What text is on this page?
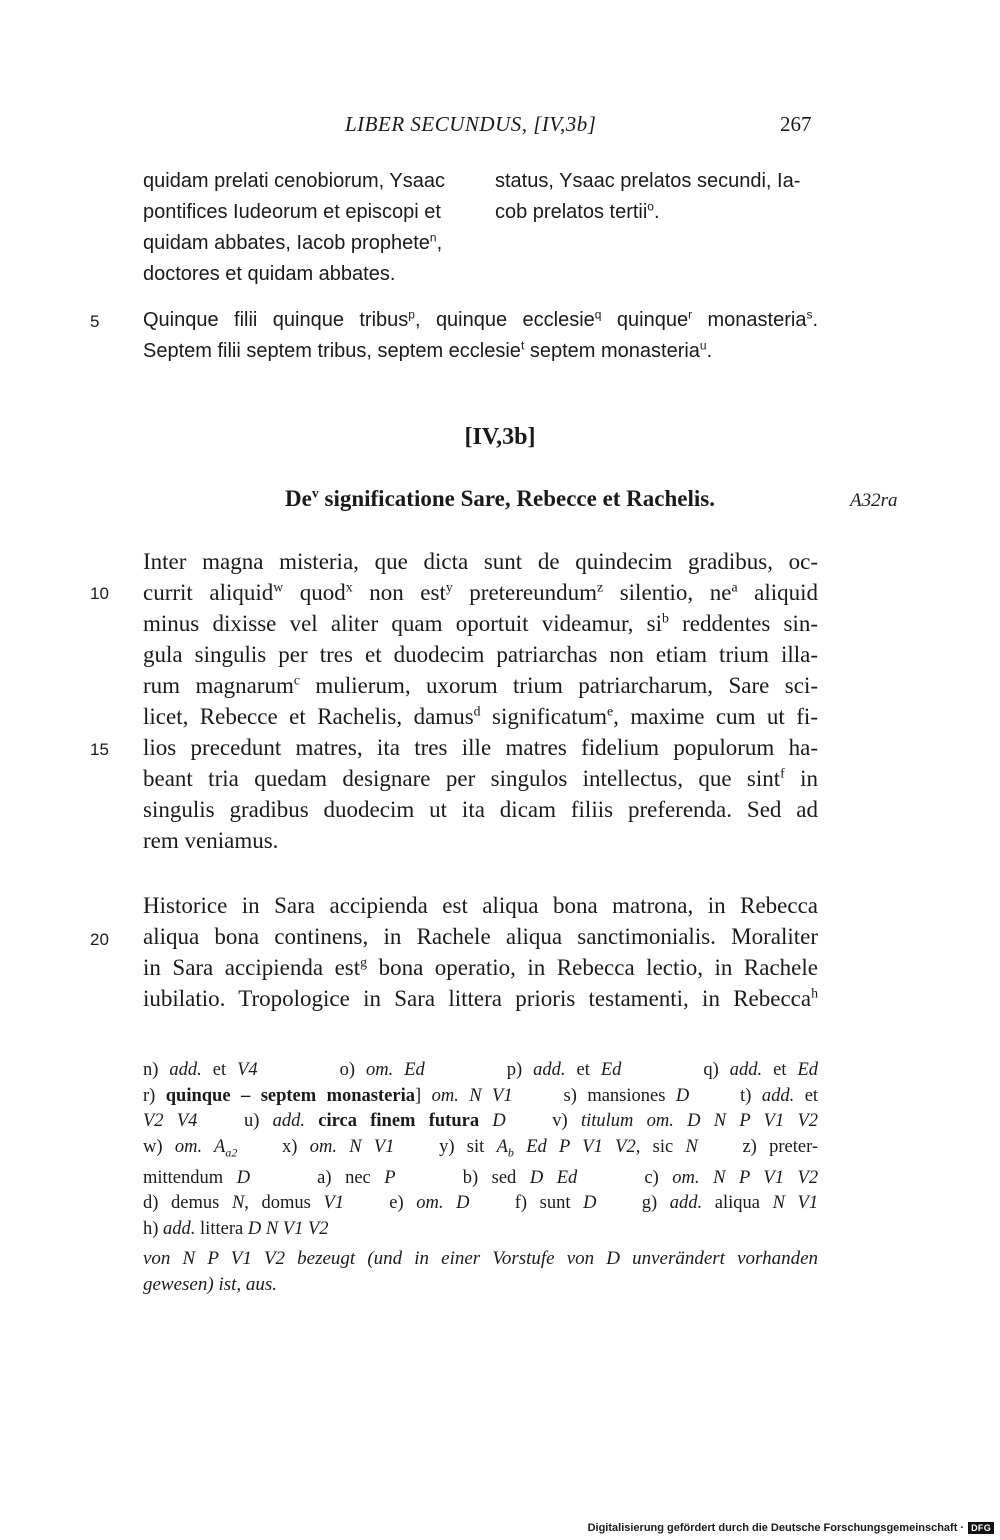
LIBER SECUNDUS, [IV,3b]	267
quidam prelati cenobiorum, Ysaac
pontifices Iudeorum et episcopi et
quidam abbates, Iacob prophete$^n$,
doctores et quidam abbates.
status, Ysaac prelatos secundi, Ia-
cob prelatos tertii$^o$.
5 Quinque filii quinque tribus$^p$, quinque ecclesie$^q$ quinque$^r$ monasteria$^s$.
Septem filii septem tribus, septem ecclesie$^t$ septem monasteria$^u$.
[IV,3b]
De$^v$ significatione Sare, Rebecce et Rachelis.	A32ra
10
15
Inter magna misteria, que dicta sunt de quindecim gradibus, oc-
currit aliquid$^w$ quod$^x$ non est$^y$ pretereundum$^z$ silentio, $ne^a$ aliquid
minus dixisse vel aliter quam oportuit videamur, $si^b$ reddentes sin-
gula singulis per tres et duodecim patriarchas non etiam trium illa-
rum magnarum$^c$ mulierum, uxorum trium patriarcharum, Sare sci-
licet, Rebecce et Rachelis, damus$^d$ significatum$^e$, maxime cum ut fi-
lios precedunt matres, ita tres ille matres fidelium populorum ha-
beant tria quedam designare per singulos intellectus, que sint$^f$ in
singulis gradibus duodecim ut ita dicam filiis preferenda. Sed ad
rem veniamus.
20
Historice in Sara accipienda est aliqua bona matrona, in Rebecca
aliqua bona continens, in Rachele aliqua sanctimonialis. Moraliter
in Sara accipienda est$^g$ bona operatio, in Rebecca lectio, in Rachele
iubilatio. Tropologice in Sara littera prioris testamenti, in Rebecca$^h$
n) add. et V4	o) om. Ed	p) add. et Ed	q) add. et Ed
r) quinque – septem monasteria] om. N V1	s) mansiones D	t) add. et
V2 V4	u) add. circa finem futura D	v) titulum om. D N P V1 V2
w) om. $A_{a2}$ x) om. N V1 y) sit $A_b$ Ed P V1 V2, sic N z) preter-
mittendum D	a) nec P	b) sed D Ed	c) om. N P V1 V2
d) demus N, domus V1 e) om. D f) sunt D g) add. aliqua N V1
h) add. littera D N V1 V2
von N P V1 V2 bezeugt (und in einer Vorstufe von D unverändert vorhanden
gewesen) ist, aus.
Digitalisierung gefördert durch die Deutsche Forschungsgemeinschaft · DFG
